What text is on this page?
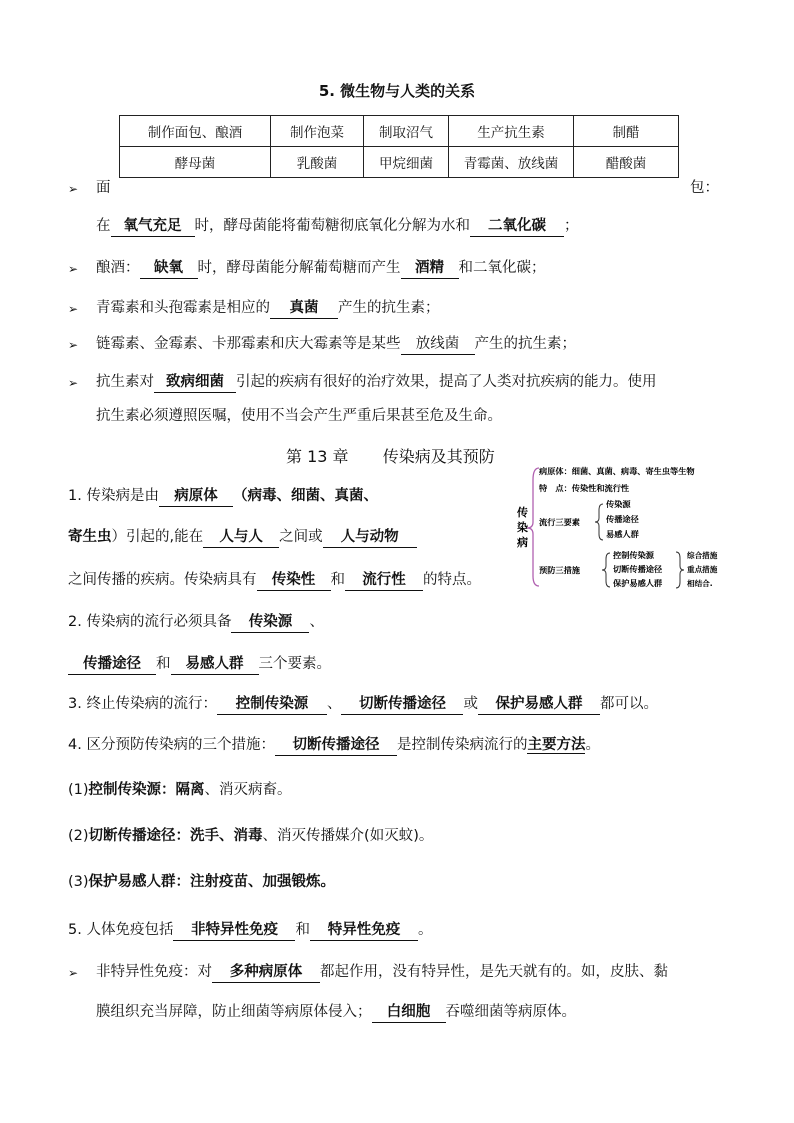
5. 微生物与人类的关系
制作面包、酿酒	制作泡菜	制取沼气	生产抗生素	制醋
酵母菌	乳酸菌	甲烷细菌	青霉菌、放线菌	醋酸菌
➢ 面	包：
在 氧气充足 时，酵母菌能将葡萄糖彻底氧化分解为水和 二氧化碳 ；
➢ 酿酒： 缺氧 时，酵母菌能分解葡萄糖而产生 酒精 和二氧化碳；
➢ 青霉素和头孢霉素是相应的 真菌 产生的抗生素；
➢ 链霉素、金霉素、卡那霉素和庆大霉素等是某些 放线菌 产生的抗生素；
➢ 抗生素对 致病细菌 引起的疾病有很好的治疗效果，提高了人类对抗疾病的能力。使用
抗生素必须遵照医嘱，使用不当会产生严重后果甚至危及生命。
第 13 章 传染病及其预防
传
染
病
病原体：细菌、真菌、病毒、寄生虫等生物
特　点：传染性和流行性
流行三要素
传染源
传播途径
易感人群
预防三措施
控制传染源
切断传播途径
保护易感人群
综合措施
重点措施
相结合.
1. 传染病是由 病原体 （病毒、细菌、真菌、
寄生虫）引起的,能在 人与人 之间或 人与动物
之间传播的疾病。传染病具有 传染性 和 流行性 的特点。
2. 传染病的流行必须具备 传染源 、
传播途径 和 易感人群 三个要素。
3. 终止传染病的流行： 控制传染源 、 切断传播途径 或 保护易感人群 都可以。
4. 区分预防传染病的三个措施： 切断传播途径 是控制传染病流行的主要方法。
(1)控制传染源：隔离、消灭病畜。
(2)切断传播途径：洗手、消毒、消灭传播媒介(如灭蚊)。
(3)保护易感人群：注射疫苗、加强锻炼。
5. 人体免疫包括 非特异性免疫 和 特异性免疫 。
➢ 非特异性免疫：对 多种病原体 都起作用，没有特异性，是先天就有的。如，皮肤、黏
膜组织充当屏障，防止细菌等病原体侵入； 白细胞 吞噬细菌等病原体。
